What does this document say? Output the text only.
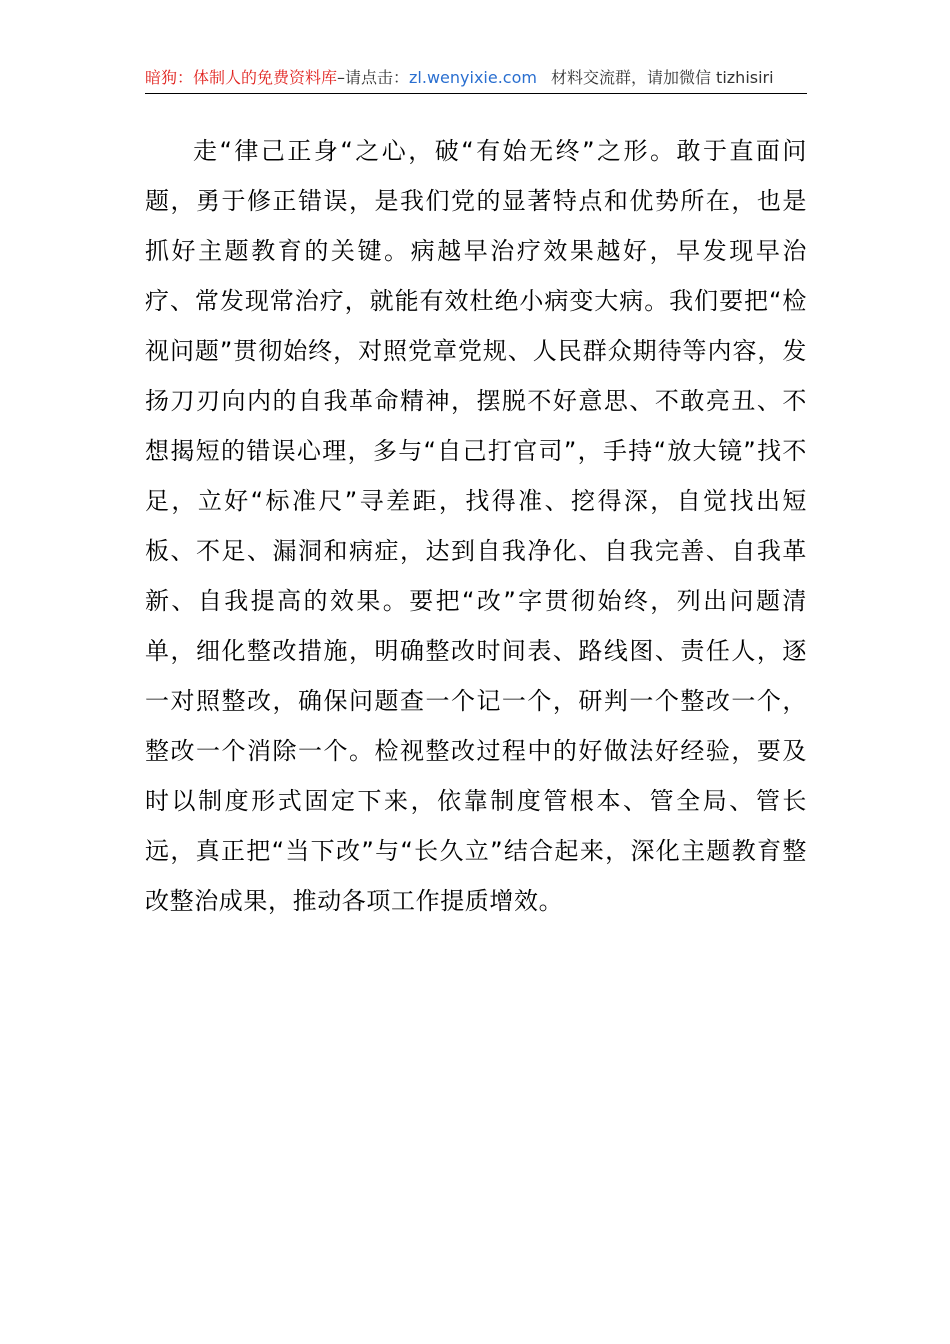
暗狗：体制人的免费资料库–请点击：zl.wenyixie.com 材料交流群，请加微信 tizhisiri

走“律己正身“之心，破“有始无终”之形。敢于直面问题，勇于修正错误，是我们党的显著特点和优势所在，也是抓好主题教育的关键。病越早治疗效果越好，早发现早治疗、常发现常治疗，就能有效杜绝小病变大病。我们要把“检视问题”贯彻始终，对照党章党规、人民群众期待等内容，发扬刀刃向内的自我革命精神，摆脱不好意思、不敢亮丑、不想揭短的错误心理，多与“自己打官司”，手持“放大镜”找不足，立好“标准尺”寻差距，找得准、挖得深，自觉找出短板、不足、漏洞和病症，达到自我净化、自我完善、自我革新、自我提高的效果。要把“改”字贯彻始终，列出问题清单，细化整改措施，明确整改时间表、路线图、责任人，逐一对照整改，确保问题查一个记一个，研判一个整改一个，整改一个消除一个。检视整改过程中的好做法好经验，要及时以制度形式固定下来，依靠制度管根本、管全局、管长远，真正把“当下改”与“长久立”结合起来，深化主题教育整改整治成果，推动各项工作提质增效。
